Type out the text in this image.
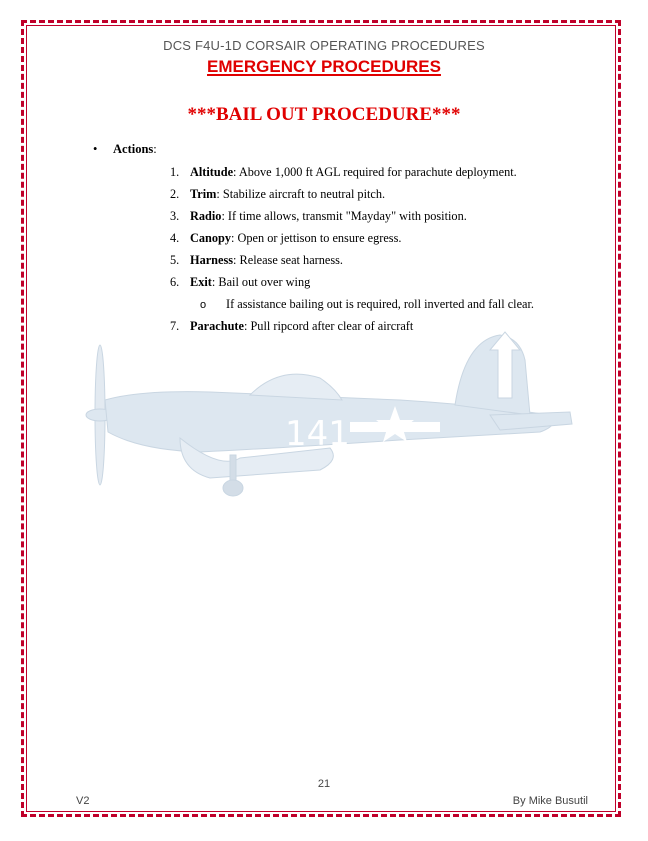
DCS F4U-1D CORSAIR OPERATING PROCEDURES
EMERGENCY PROCEDURES
***BAIL OUT PROCEDURE***
141
• Actions:
1. Altitude: Above 1,000 ft AGL required for parachute deployment.
2. Trim: Stabilize aircraft to neutral pitch.
3. Radio: If time allows, transmit "Mayday" with position.
4. Canopy: Open or jettison to ensure egress.
5. Harness: Release seat harness.
6. Exit: Bail out over wing
o If assistance bailing out is required, roll inverted and fall clear.
7. Parachute: Pull ripcord after clear of aircraft
21
V2	By Mike Busutil
